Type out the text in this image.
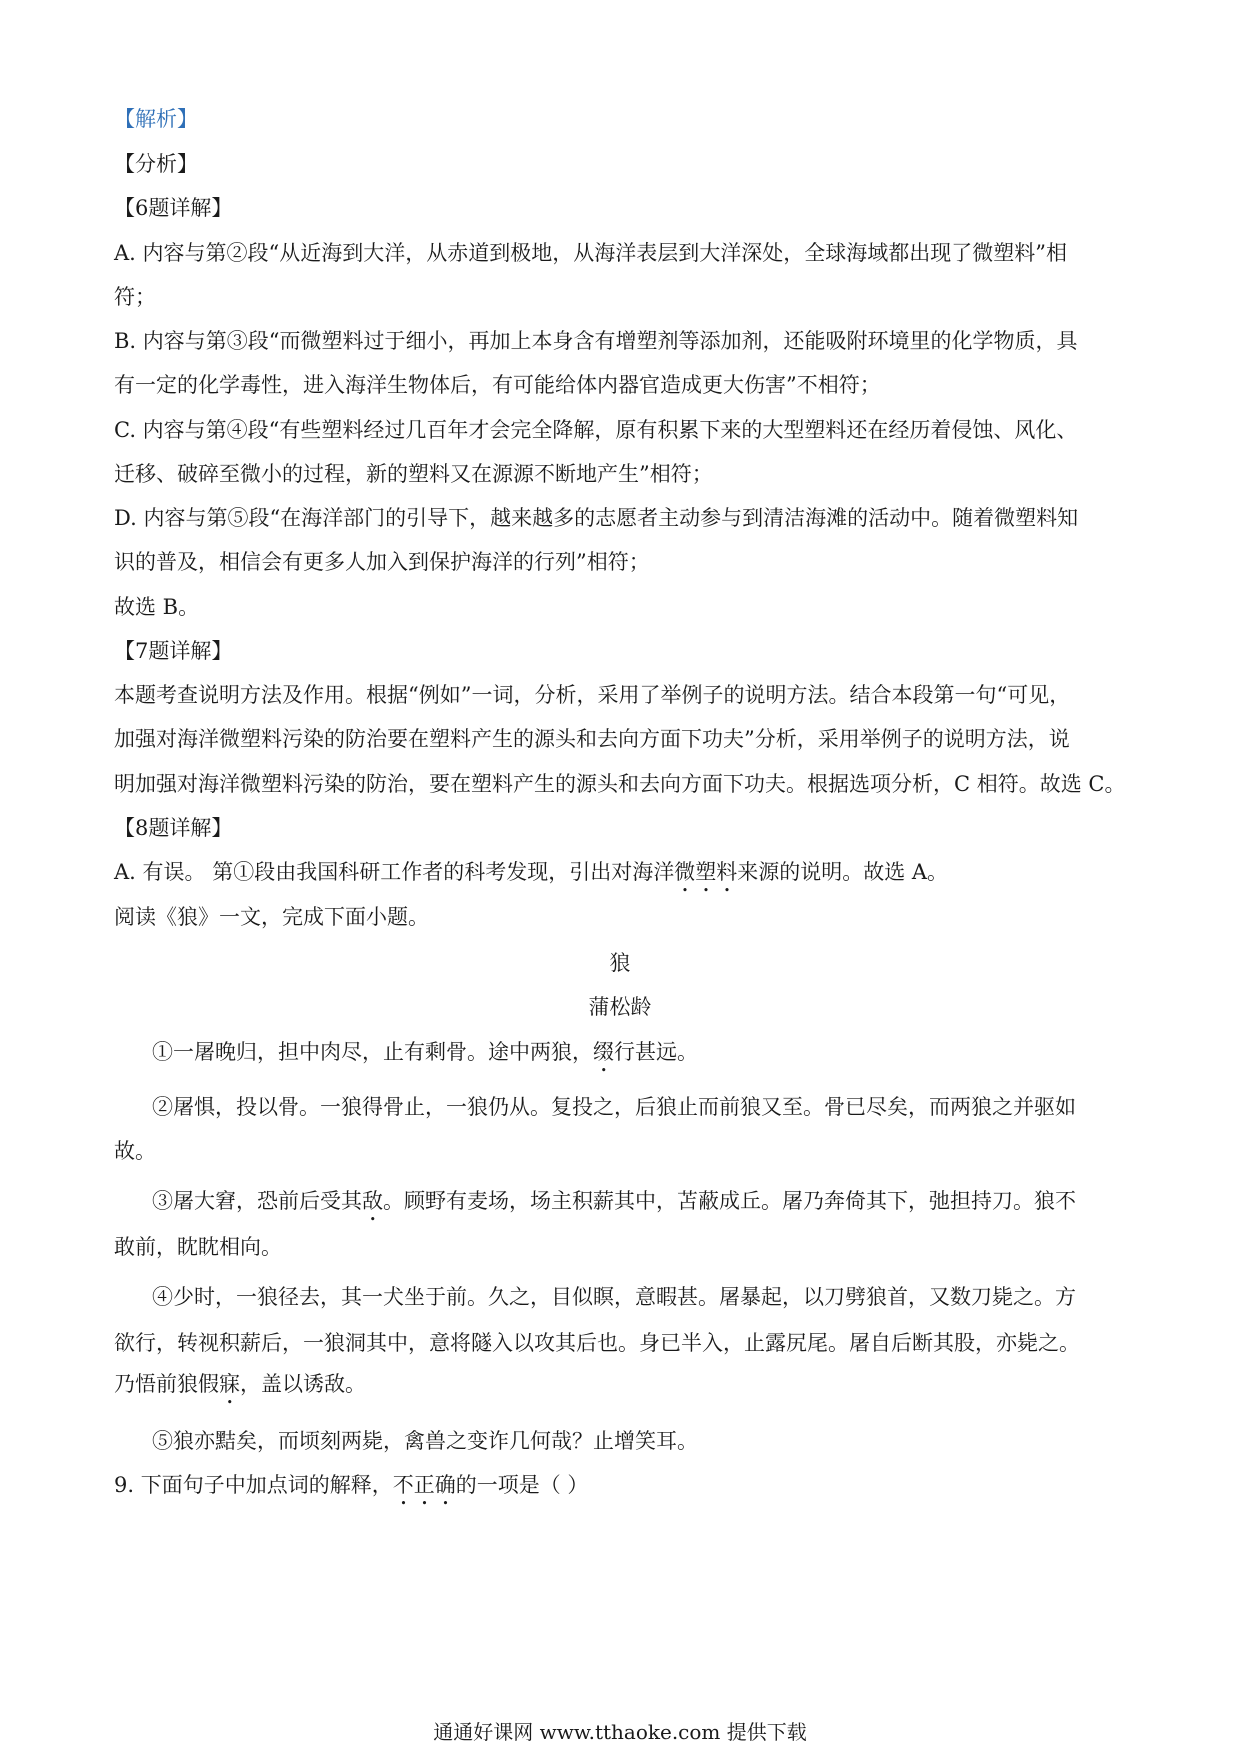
【解析】
【分析】
【6题详解】
A. 内容与第②段“从近海到大洋，从赤道到极地，从海洋表层到大洋深处，全球海域都出现了微塑料”相
符；
B. 内容与第③段“而微塑料过于细小，再加上本身含有增塑剂等添加剂，还能吸附环境里的化学物质，具
有一定的化学毒性，进入海洋生物体后，有可能给体内器官造成更大伤害”不相符；
C. 内容与第④段“有些塑料经过几百年才会完全降解，原有积累下来的大型塑料还在经历着侵蚀、风化、
迁移、破碎至微小的过程，新的塑料又在源源不断地产生”相符；
D. 内容与第⑤段“在海洋部门的引导下，越来越多的志愿者主动参与到清洁海滩的活动中。随着微塑料知
识的普及，相信会有更多人加入到保护海洋的行列”相符；
故选 B。
【7题详解】
本题考查说明方法及作用。根据“例如”一词，分析，采用了举例子的说明方法。结合本段第一句“可见，
加强对海洋微塑料污染的防治要在塑料产生的源头和去向方面下功夫”分析，采用举例子的说明方法，说
明加强对海洋微塑料污染的防治，要在塑料产生的源头和去向方面下功夫。根据选项分析，C 相符。故选 C。
【8题详解】
A. 有误。 第①段由我国科研工作者的科考发现，引出对海洋微塑料来源的说明。故选 A。
阅读《狼》一文，完成下面小题。
狼
蒲松龄
①一屠晚归，担中肉尽，止有剩骨。途中两狼，缀行甚远。
②屠惧，投以骨。一狼得骨止，一狼仍从。复投之，后狼止而前狼又至。骨已尽矣，而两狼之并驱如
故。
③屠大窘，恐前后受其敌。顾野有麦场，场主积薪其中，苫蔽成丘。屠乃奔倚其下，弛担持刀。狼不
敢前，眈眈相向。
④少时，一狼径去，其一犬坐于前。久之，目似瞑，意暇甚。屠暴起，以刀劈狼首，又数刀毙之。方
欲行，转视积薪后，一狼洞其中，意将隧入以攻其后也。身已半入，止露尻尾。屠自后断其股，亦毙之。
乃悟前狼假寐，盖以诱敌。
⑤狼亦黠矣，而顷刻两毙，禽兽之变诈几何哉？止增笑耳。
9. 下面句子中加点词的解释，不正确的一项是（ ）
通通好课网 www.tthaoke.com 提供下载
